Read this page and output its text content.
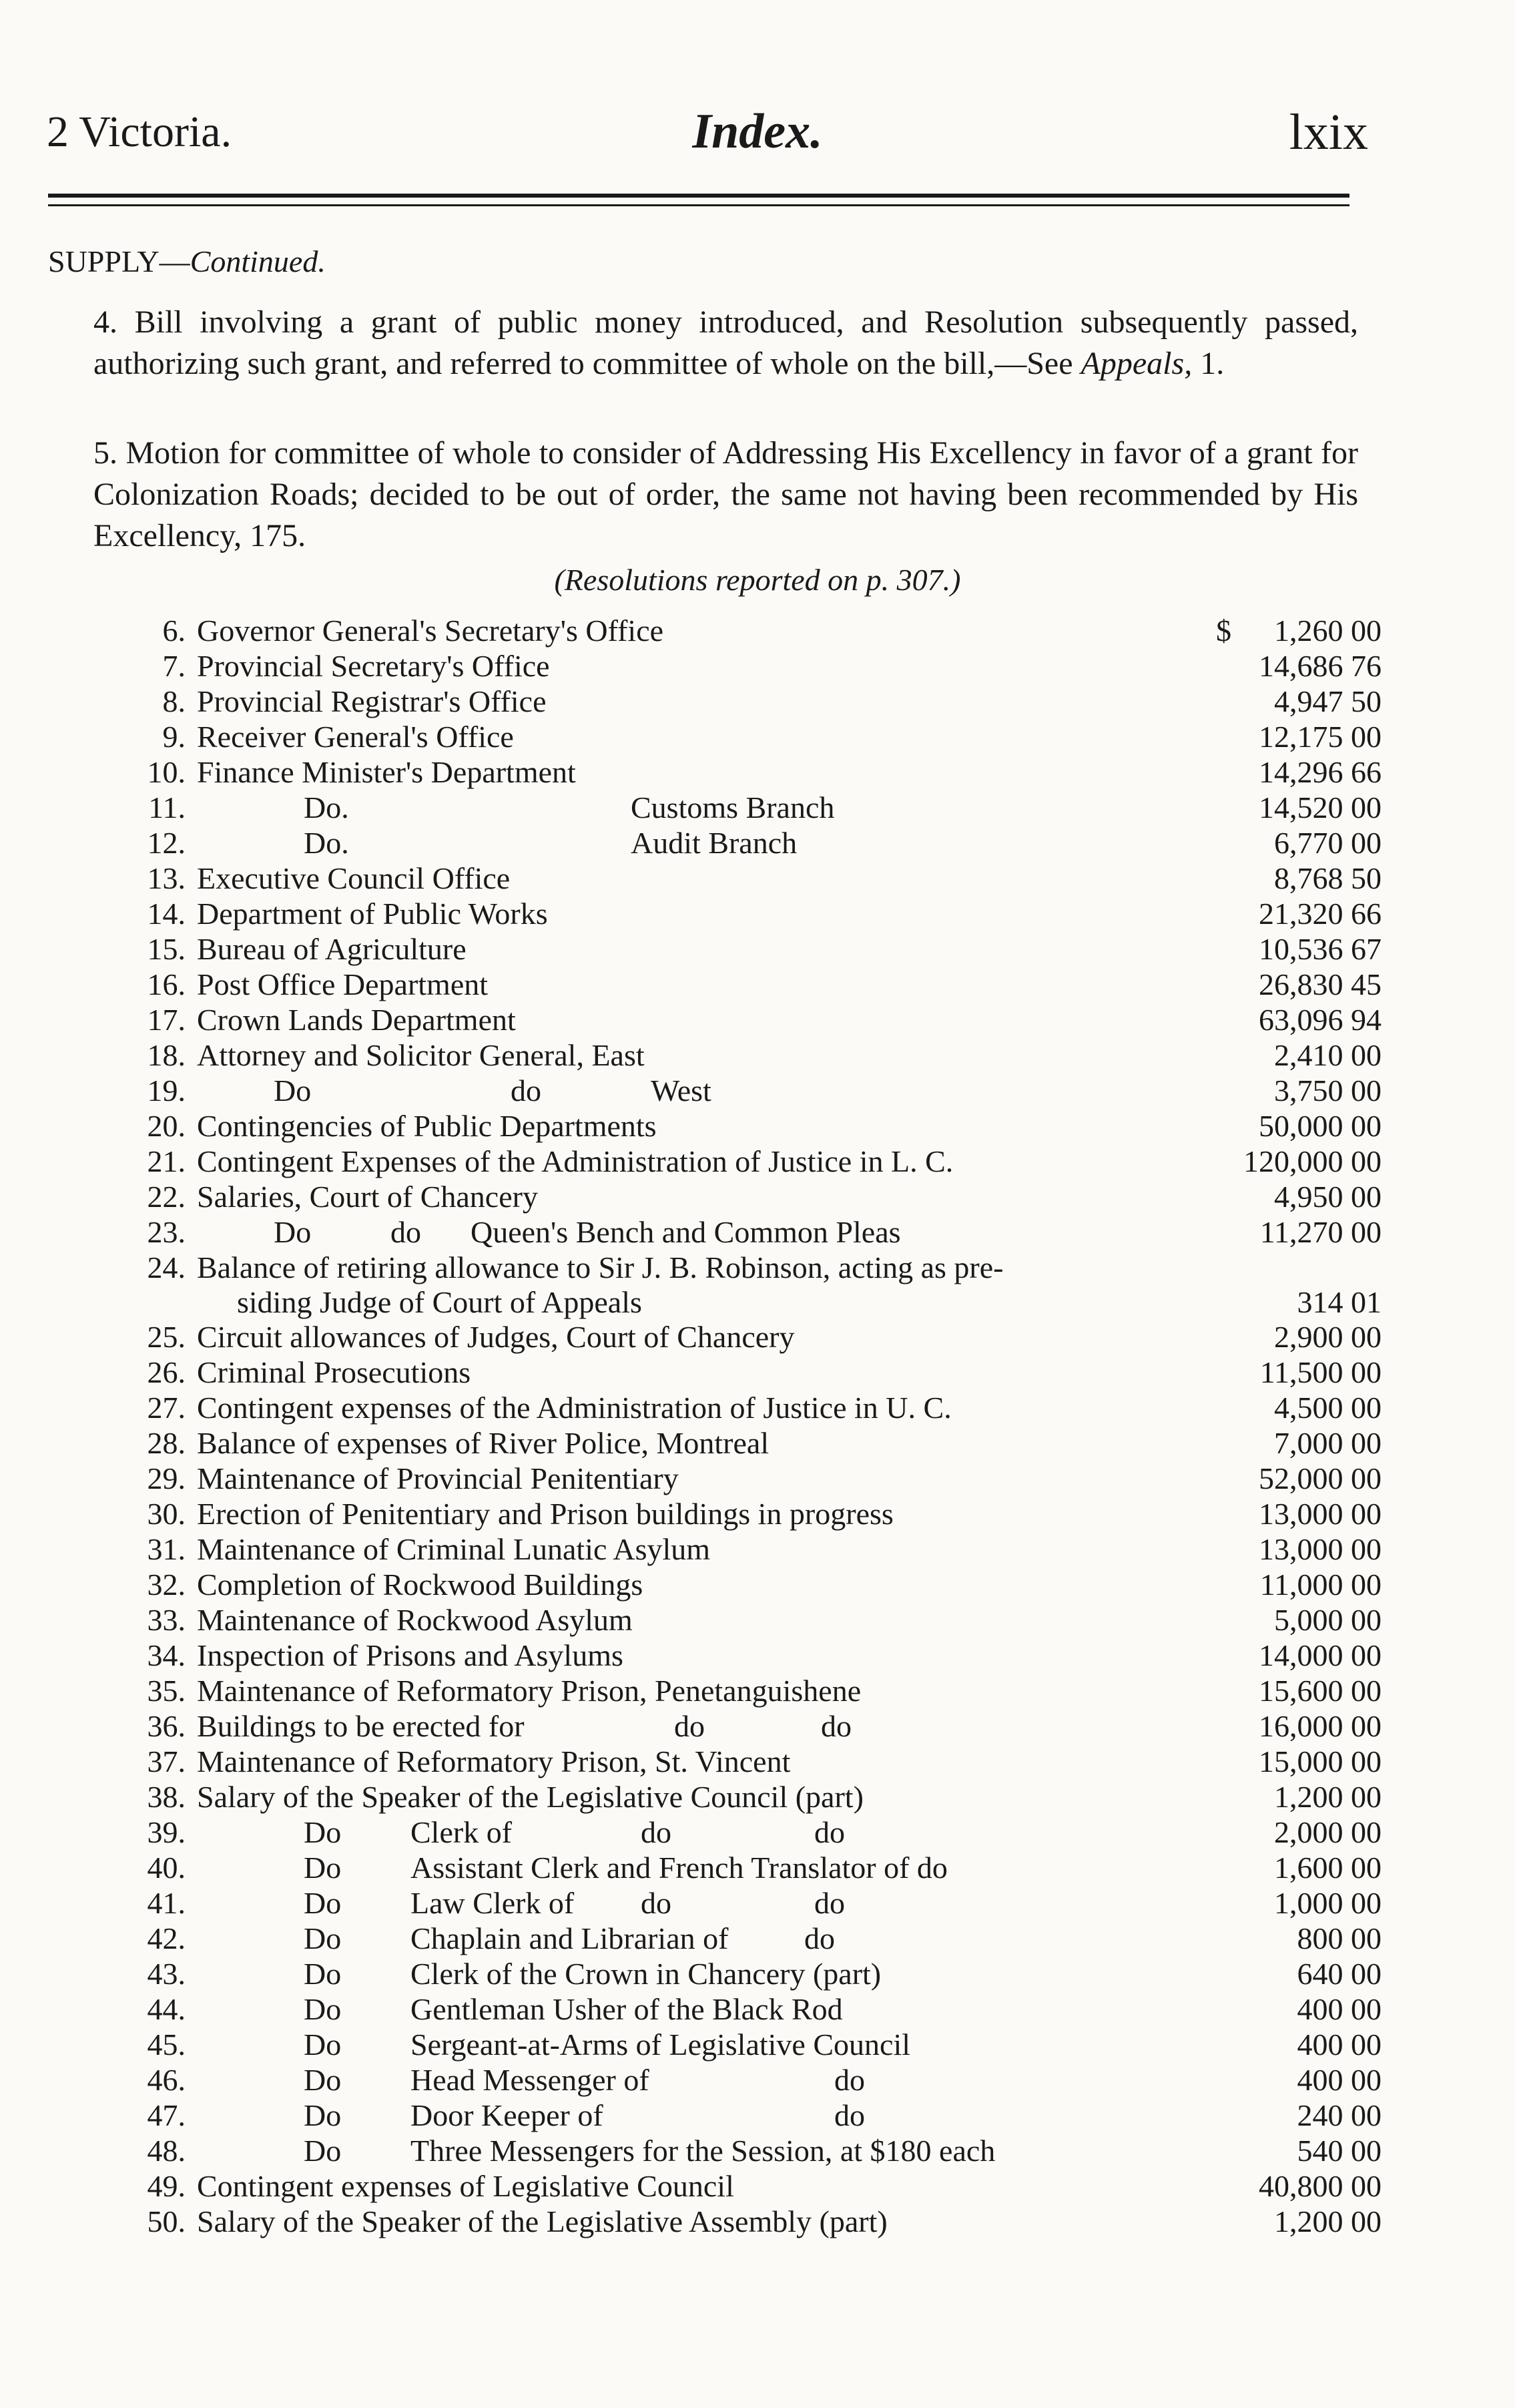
2 Victoria.	Index.	lxix
SUPPLY—Continued.
4. Bill involving a grant of public money introduced, and Resolution subsequently passed, authorizing such grant, and referred to committee of whole on the bill,—See Appeals, 1.
5. Motion for committee of whole to consider of Addressing His Excellency in favor of a grant for Colonization Roads; decided to be out of order, the same not having been recommended by His Excellency, 175.
(Resolutions reported on p. 307.)
6. Governor General's Secretary's Office	$ 1,260 00
7. Provincial Secretary's Office	14,686 76
8. Provincial Registrar's Office	4,947 50
9. Receiver General's Office	12,175 00
10. Finance Minister's Department	14,296 66
11.	Do.	Customs Branch	14,520 00
12.	Do.	Audit Branch	6,770 00
13. Executive Council Office	8,768 50
14. Department of Public Works	21,320 66
15. Bureau of Agriculture	10,536 67
16. Post Office Department	26,830 45
17. Crown Lands Department	63,096 94
18. Attorney and Solicitor General, East	2,410 00
19.	Do	do	West	3,750 00
20. Contingencies of Public Departments	50,000 00
21. Contingent Expenses of the Administration of Justice in L. C.	120,000 00
22. Salaries, Court of Chancery	4,950 00
23.	Do	do Queen's Bench and Common Pleas	11,270 00
24. Balance of retiring allowance to Sir J. B. Robinson, acting as pre-
siding Judge of Court of Appeals	314 01
25. Circuit allowances of Judges, Court of Chancery	2,900 00
26. Criminal Prosecutions	11,500 00
27. Contingent expenses of the Administration of Justice in U. C.	4,500 00
28. Balance of expenses of River Police, Montreal	7,000 00
29. Maintenance of Provincial Penitentiary	52,000 00
30. Erection of Penitentiary and Prison buildings in progress	13,000 00
31. Maintenance of Criminal Lunatic Asylum	13,000 00
32. Completion of Rockwood Buildings	11,000 00
33. Maintenance of Rockwood Asylum	5,000 00
34. Inspection of Prisons and Asylums	14,000 00
35. Maintenance of Reformatory Prison, Penetanguishene	15,600 00
36. Buildings to be erected for	do	do	16,000 00
37. Maintenance of Reformatory Prison, St. Vincent	15,000 00
38. Salary of the Speaker of the Legislative Council (part)	1,200 00
39.	Do Clerk of	do	do	2,000 00
40.	Do Assistant Clerk and French Translator of do	1,600 00
41.	Do Law Clerk of do	do	1,000 00
42.	Do Chaplain and Librarian of do	800 00
43.	Do Clerk of the Crown in Chancery (part)	640 00
44.	Do Gentleman Usher of the Black Rod	400 00
45.	Do Sergeant-at-Arms of Legislative Council	400 00
46.	Do Head Messenger of	do	400 00
47.	Do Door Keeper of	do	240 00
48.	Do Three Messengers for the Session, at $180 each	540 00
49. Contingent expenses of Legislative Council	40,800 00
50. Salary of the Speaker of the Legislative Assembly (part)	1,200 00
